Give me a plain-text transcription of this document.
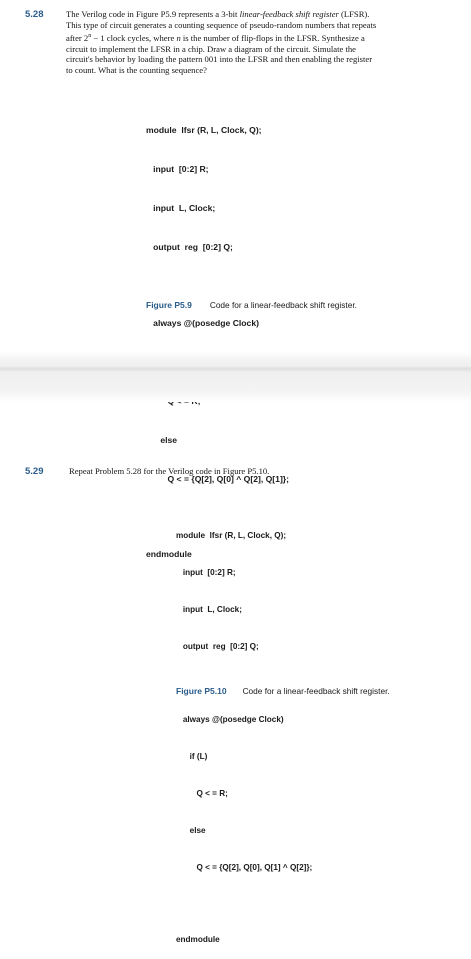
5.28	The Verilog code in Figure P5.9 represents a 3-bit linear-feedback shift register (LFSR).
This type of circuit generates a counting sequence of pseudo-random numbers that repeats
after $2^n - 1$ clock cycles, where n is the number of flip-flops in the LFSR. Synthesize a
circuit to implement the LFSR in a chip. Draw a diagram of the circuit. Simulate the
circuit's behavior by loading the pattern 001 into the LFSR and then enabling the register
to count. What is the counting sequence?

module  lfsr (R, L, Clock, Q);

input  [0:2] R;

input  L, Clock;

output  reg  [0:2] Q;

always @(posedge Clock)

else

Q < = {Q[2], Q[0] ^ Q[2], Q[1]};

endmodule

Figure P5.9 Code for a linear-feedback shift register.
5.29	Repeat Problem 5.28 for the Verilog code in Figure P5.10.

module  lfsr (R, L, Clock, Q);

input  [0:2] R;

input  L, Clock;

output  reg  [0:2] Q;

always @(posedge Clock)

if (L)

Q < = R;

else

Q < = {Q[2], Q[0], Q[1] ^ Q[2]};

endmodule

Figure P5.10 Code for a linear-feedback shift register.
